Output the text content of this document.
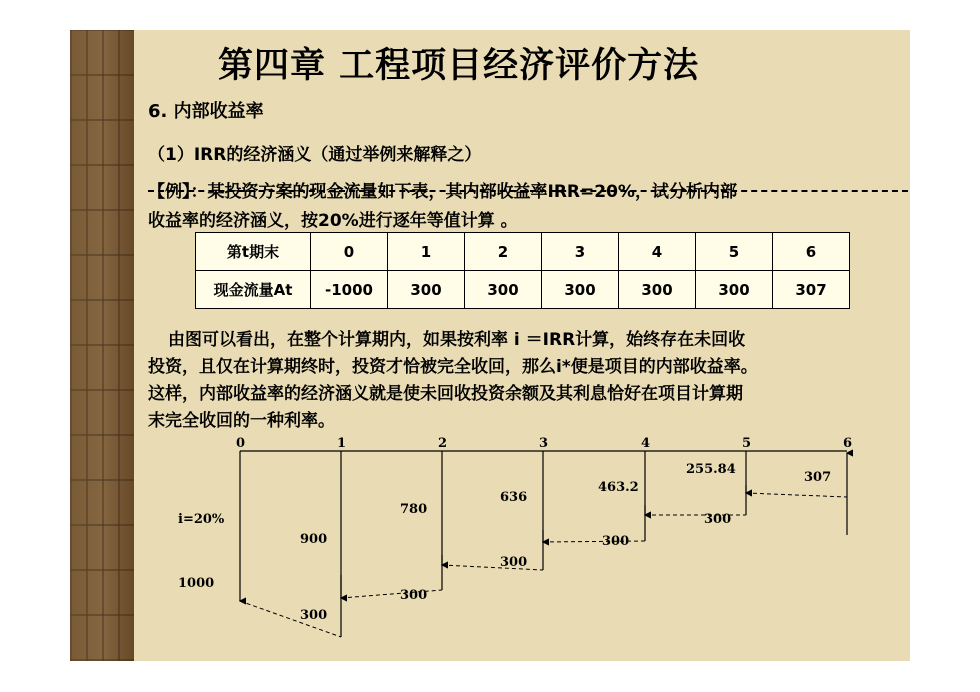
第四章 工程项目经济评价方法
6. 内部收益率
（1）IRR的经济涵义（通过举例来解释之）
【例】：某投资方案的现金流量如下表，其内部收益率IRR=20%，试分析内部
收益率的经济涵义，按20%进行逐年等值计算 。
第t期末	0	1	2	3	4	5	6
现金流量At	-1000	300	300	300	300	300	307
由图可以看出，在整个计算期内，如果按利率 i ＝IRR计算，始终存在未回收
投资，且仅在计算期终时，投资才恰被完全收回，那么i*便是项目的内部收益率。
这样，内部收益率的经济涵义就是使未回收投资余额及其利息恰好在项目计算期
末完全收回的一种利率。
0	1	2	3	4	5	6
i=20%
1000
900
780
636
463.2
255.84
300
300
300
300
300
307
